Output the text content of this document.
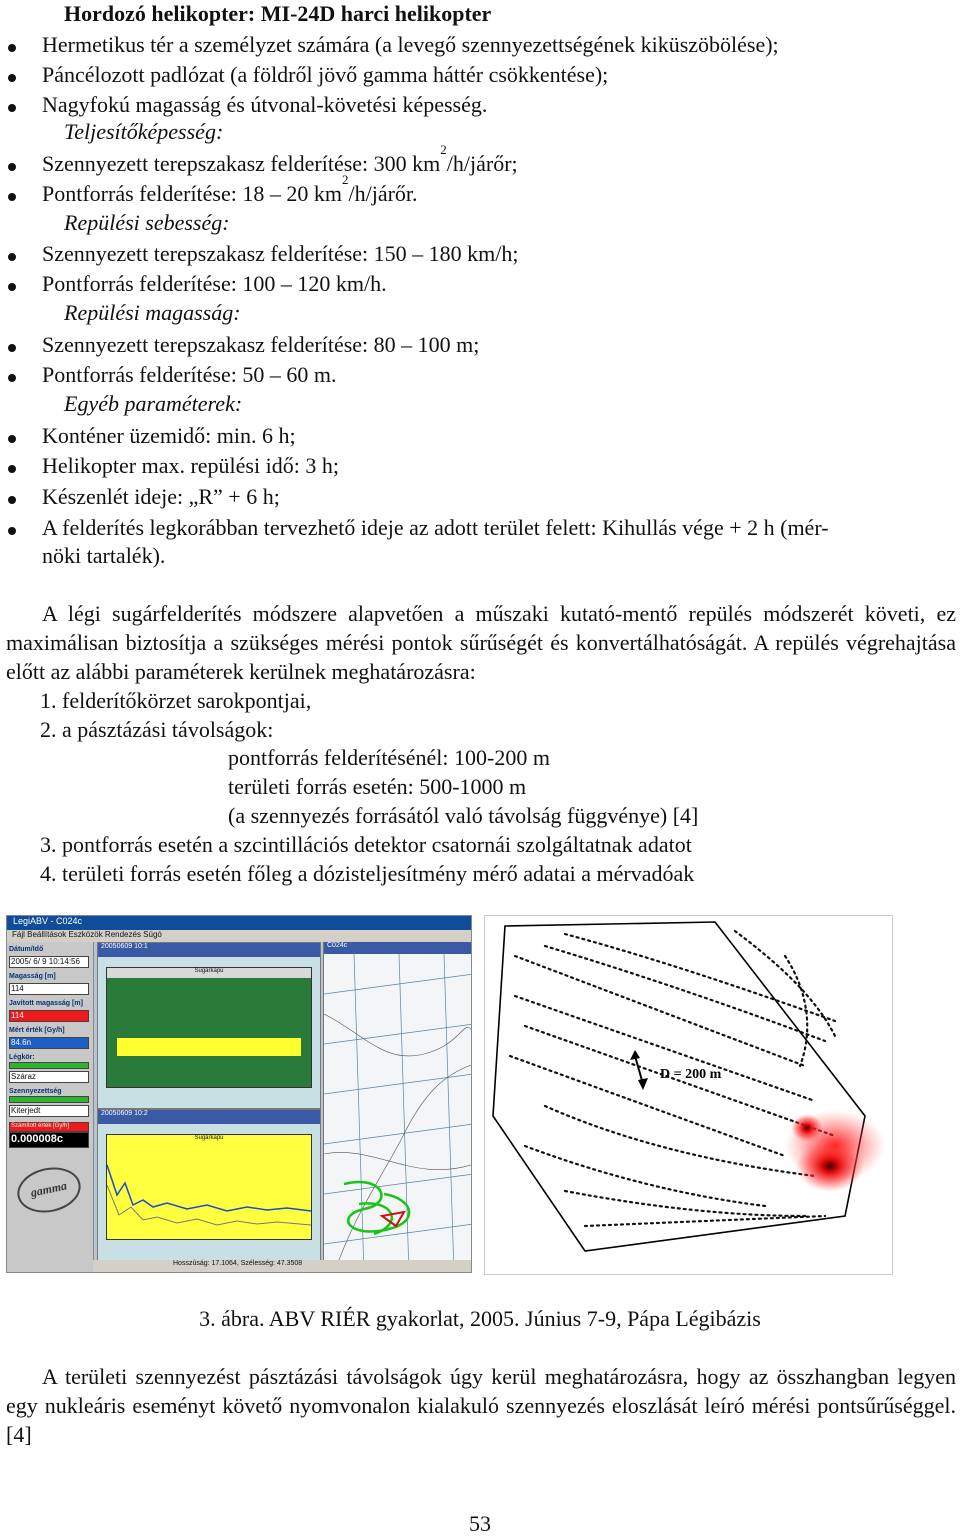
Hordozó helikopter: MI-24D harci helikopter
Hermetikus tér a személyzet számára (a levegő szennyezettségének kiküszöbölése);
Páncélozott padlózat (a földről jövő gamma háttér csökkentése);
Nagyfokú magasság és útvonal-követési képesség.
Teljesítőképesség:
Szennyezett terepszakasz felderítése: 300 $km^2/h$/járőr;
Pontforrás felderítése: 18 – 20 $km^2/h$/járőr.
Repülési sebesség:
Szennyezett terepszakasz felderítése: 150 – 180 km/h;
Pontforrás felderítése: 100 – 120 km/h.
Repülési magasság:
Szennyezett terepszakasz felderítése: 80 – 100 m;
Pontforrás felderítése: 50 – 60 m.
Egyéb paraméterek:
Konténer üzemidő: min. 6 h;
Helikopter max. repülési idő: 3 h;
Készenlét ideje: „R” + 6 h;
A felderítés legkorábban tervezhető ideje az adott terület felett: Kihullás vége + 2 h (mér-
nöki tartalék).
A légi sugárfelderítés módszere alapvetően a műszaki kutató-mentő repülés módszerét követi, ez maximálisan biztosítja a szükséges mérési pontok sűrűségét és konvertálhatóságát. A repülés végrehajtása előtt az alábbi paraméterek kerülnek meghatározásra:
1. felderítőkörzet sarokpontjai,
2. a pásztázási távolságok:
pontforrás felderítésénél: 100-200 m
területi forrás esetén: 500-1000 m
(a szennyezés forrásától való távolság függvénye) [4]
3. pontforrás esetén a szcintillációs detektor csatornái szolgáltatnak adatot
4. területi forrás esetén főleg a dózisteljesítmény mérő adatai a mérvadóak
LegiABV - C024c
Fájl Beállítások Eszközök Rendezés Súgó
Dátum/Idő
2005/ 6/ 9 10:14:56
Magasság [m]
114
Javított magasság [m]
114
Mért érték [Gy/h]
84.6n
Légkör:
Száraz
Szennyezettség
Kiterjedt
Számított érték [Gy/h]
0.000008c
gamma
20050609 10:1
Sugárkapu
20050609 10:2
Sugárkapu
C024c
Hosszúság: 17.1064, Szélesség: 47.3508
D = 200 m
3. ábra. ABV RIÉR gyakorlat, 2005. Június 7-9, Pápa Légibázis
A területi szennyezést pásztázási távolságok úgy kerül meghatározásra, hogy az összhangban legyen egy nukleáris eseményt követő nyomvonalon kialakuló szennyezés eloszlását leíró mérési pontsűrűséggel. [4]
53
